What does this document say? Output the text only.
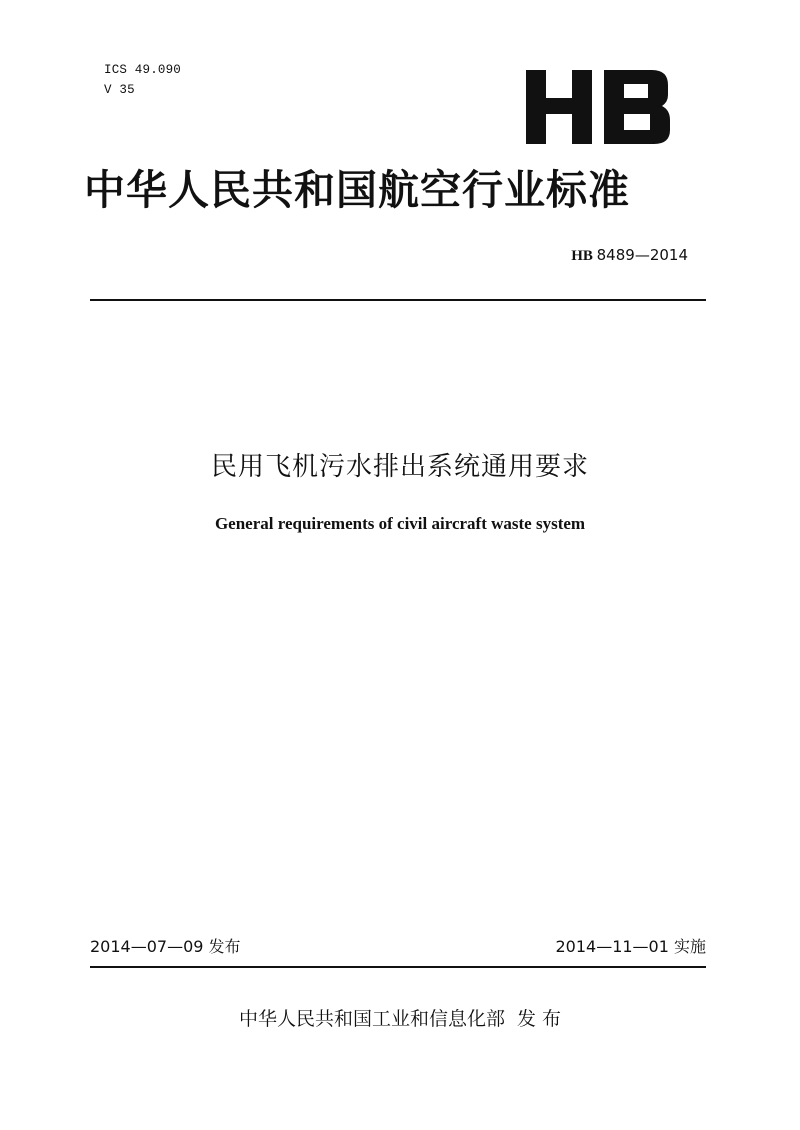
ICS 49.090
V 35
中华人民共和国航空行业标准
HB 8489—2014
民用飞机污水排出系统通用要求
General requirements of civil aircraft waste system
2014—07—09 发布	2014—11—01 实施
中华人民共和国工业和信息化部  发 布
